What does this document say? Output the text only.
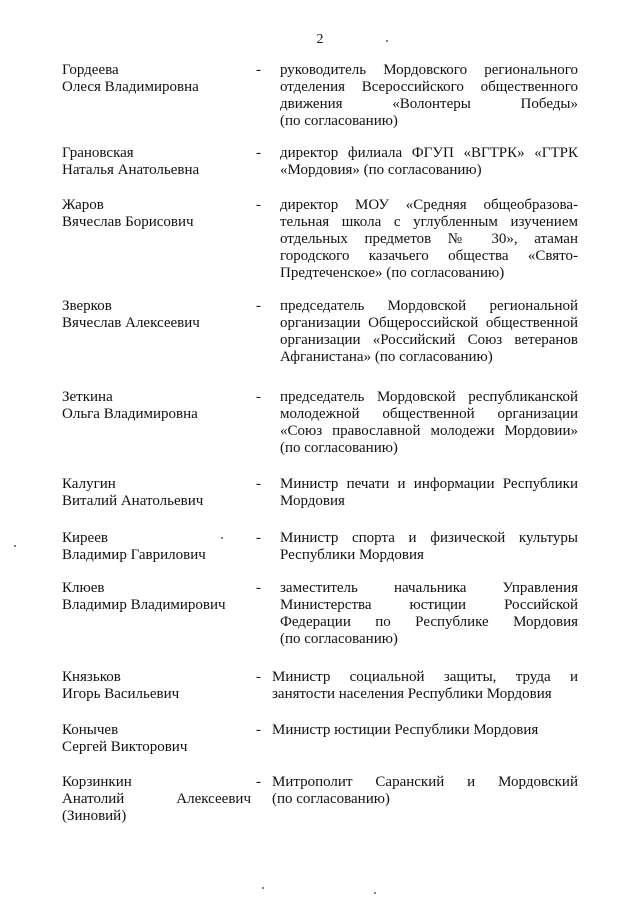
2
Гордеева
Олеся Владимировна
- руководитель Мордовского регионального
отделения Всероссийского общественного
движения «Волонтеры Победы»
(по согласованию)
Грановская
Наталья Анатольевна
- директор филиала ФГУП «ВГТРК» «ГТРК
«Мордовия» (по согласованию)
Жаров
Вячеслав Борисович
- директор МОУ «Средняя общеобразова-
тельная школа с углубленным изучением
отдельных предметов № 30», атаман
городского казачьего общества «Свято-
Предтеченское» (по согласованию)
Зверков
Вячеслав Алексеевич
- председатель Мордовской региональной
организации Общероссийской общественной
организации «Российский Союз ветеранов
Афганистана» (по согласованию)
Зеткина
Ольга Владимировна
- председатель Мордовской республиканской
молодежной общественной организации
«Союз православной молодежи Мордовии»
(по согласованию)
Калугин
Виталий Анатольевич
- Министр печати и информации Республики
Мордовия
Киреев
Владимир Гаврилович
- Министр спорта и физической культуры
Республики Мордовия
Клюев
Владимир Владимирович
- заместитель начальника Управления
Министерства юстиции Российской
Федерации по Республике Мордовия
(по согласованию)
Князьков
Игорь Васильевич
- Министр социальной защиты, труда и
занятости населения Республики Мордовия
Конычев
Сергей Викторович
- Министр юстиции Республики Мордовия
Корзинкин
Анатолий	Алексеевич
(Зиновий)
- Митрополит Саранский и Мордовский
(по согласованию)
